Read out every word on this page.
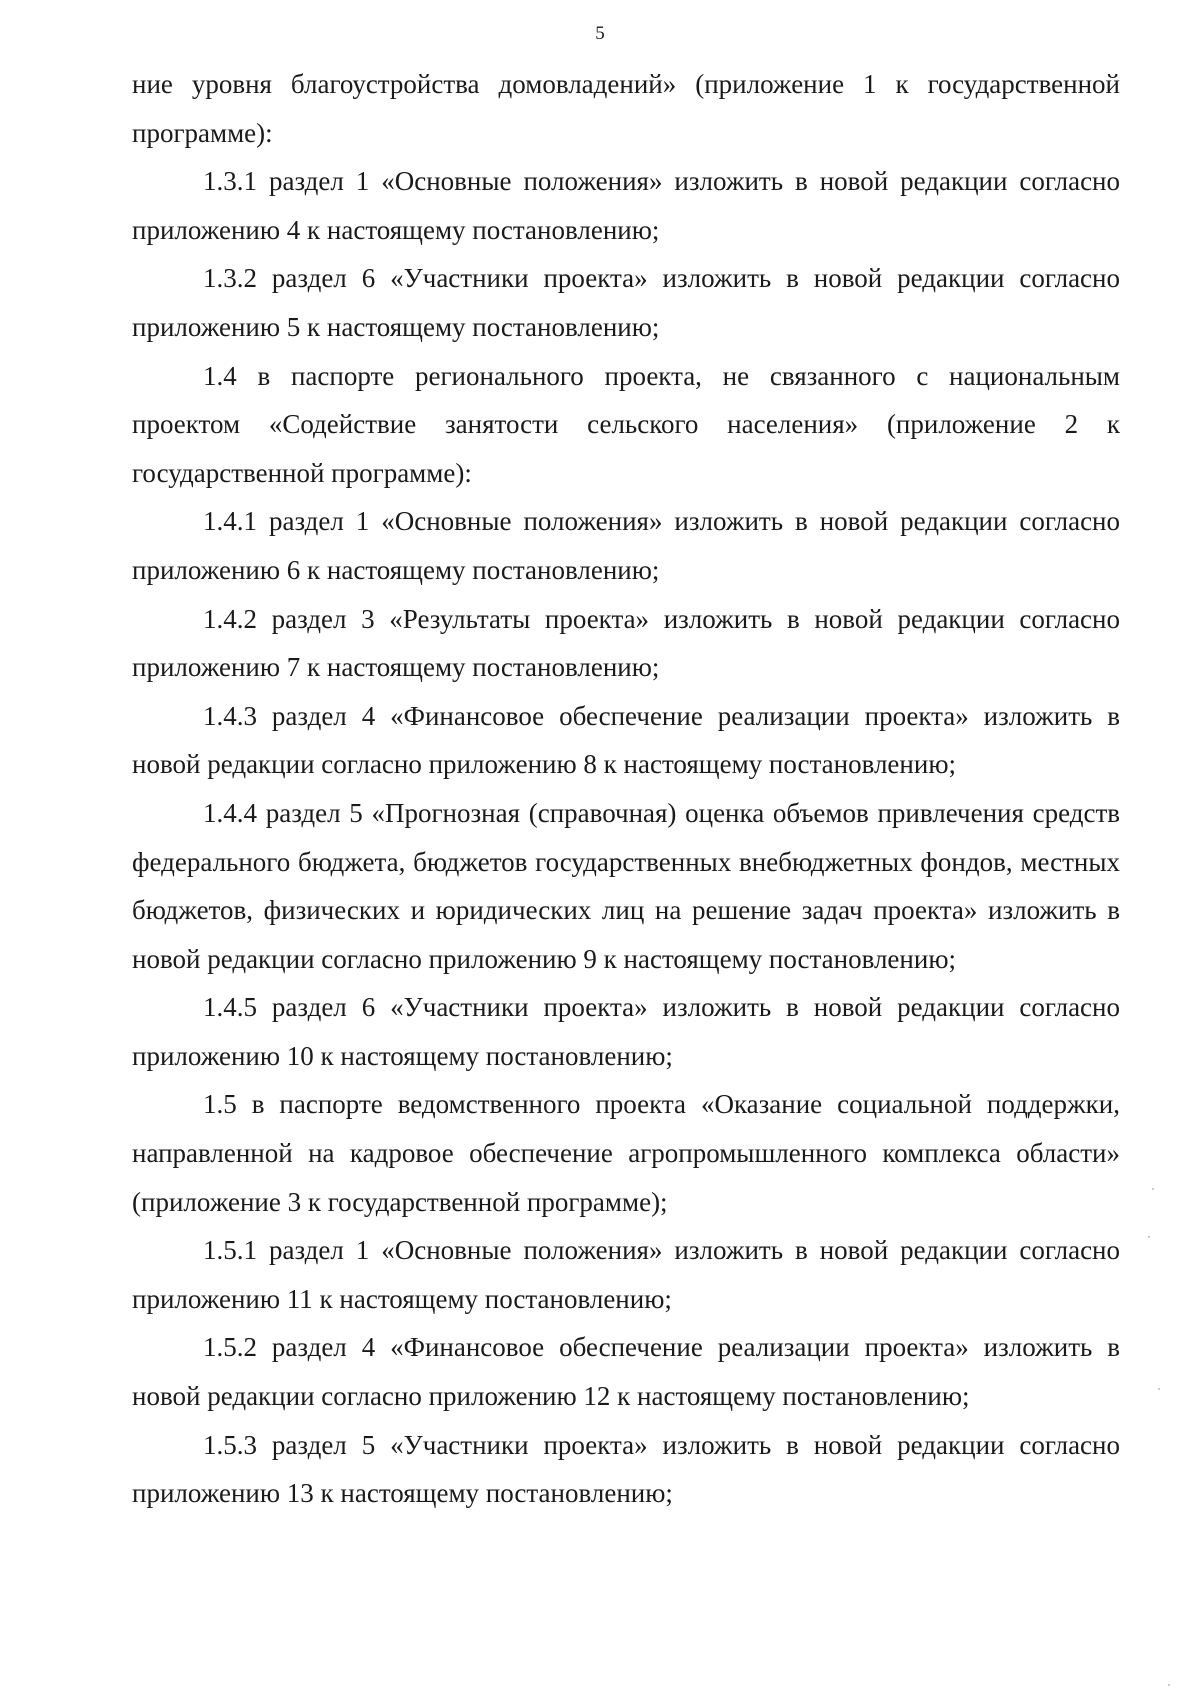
5

ние уровня благоустройства домовладений» (приложение 1 к государственной программе):

1.3.1 раздел 1 «Основные положения» изложить в новой редакции согласно приложению 4 к настоящему постановлению;

1.3.2 раздел 6 «Участники проекта» изложить в новой редакции согласно приложению 5 к настоящему постановлению;

1.4 в паспорте регионального проекта, не связанного с национальным проектом «Содействие занятости сельского населения» (приложение 2 к государственной программе):

1.4.1 раздел 1 «Основные положения» изложить в новой редакции согласно приложению 6 к настоящему постановлению;

1.4.2 раздел 3 «Результаты проекта» изложить в новой редакции согласно приложению 7 к настоящему постановлению;

1.4.3 раздел 4 «Финансовое обеспечение реализации проекта» изложить в новой редакции согласно приложению 8 к настоящему постановлению;

1.4.4 раздел 5 «Прогнозная (справочная) оценка объемов привлечения средств федерального бюджета, бюджетов государственных внебюджетных фондов, местных бюджетов, физических и юридических лиц на решение задач проекта» изложить в новой редакции согласно приложению 9 к настоящему постановлению;

1.4.5 раздел 6 «Участники проекта» изложить в новой редакции согласно приложению 10 к настоящему постановлению;

1.5 в паспорте ведомственного проекта «Оказание социальной поддержки, направленной на кадровое обеспечение агропромышленного комплекса области» (приложение 3 к государственной программе);

1.5.1 раздел 1 «Основные положения» изложить в новой редакции согласно приложению 11 к настоящему постановлению;

1.5.2 раздел 4 «Финансовое обеспечение реализации проекта» изложить в новой редакции согласно приложению 12 к настоящему постановлению;

1.5.3 раздел 5 «Участники проекта» изложить в новой редакции согласно приложению 13 к настоящему постановлению;
